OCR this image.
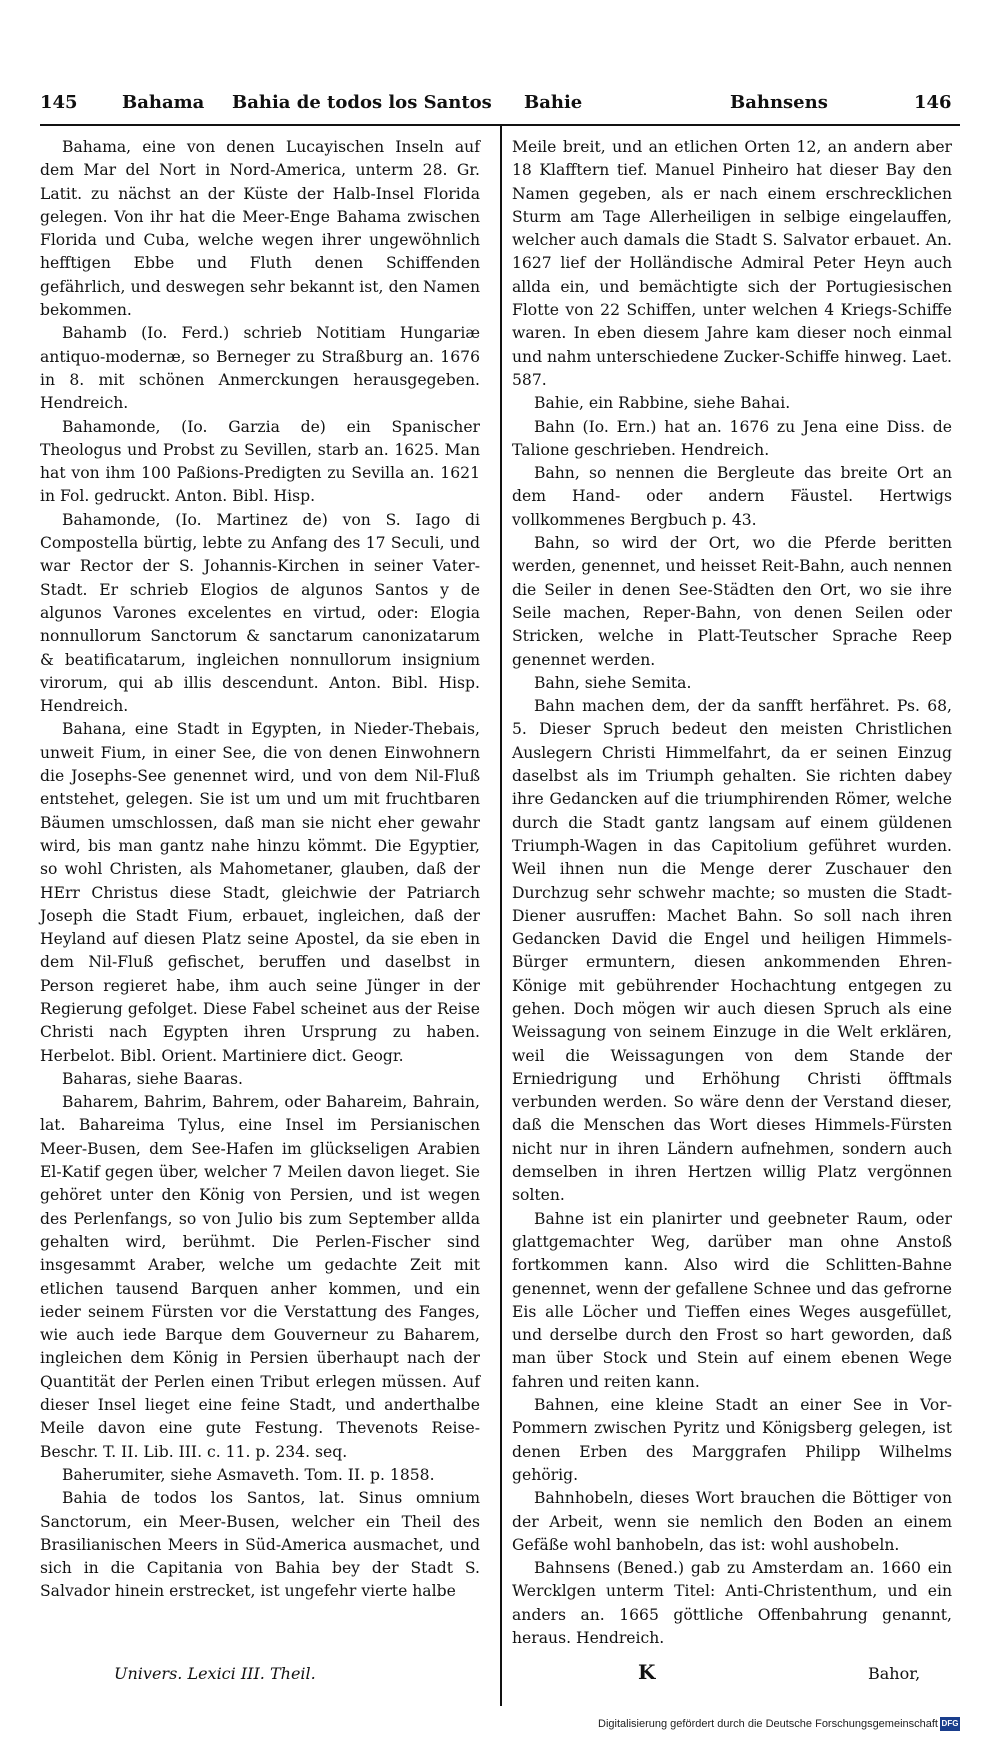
145 Bahama Bahia de todos los Santos Bahie	Bahnsens	146

Bahama, eine von denen Lucayischen Inseln auf dem Mar del Nort in Nord-America, unterm 28. Gr. Latit. zu nächst an der Küste der Halb-Insel Florida gelegen. Von ihr hat die Meer-Enge Bahama zwischen Florida und Cuba, welche wegen ihrer ungewöhnlich hefftigen Ebbe und Fluth denen Schiffenden gefährlich, und deswegen sehr bekannt ist, den Namen bekommen.

Bahamb (Io. Ferd.) schrieb Notitiam Hungariæ antiquo-modernæ, so Berneger zu Straßburg an. 1676 in 8. mit schönen Anmerckungen herausgegeben. Hendreich.

Bahamonde, (Io. Garzia de) ein Spanischer Theologus und Probst zu Sevillen, starb an. 1625. Man hat von ihm 100 Paßions-Predigten zu Sevilla an. 1621 in Fol. gedruckt. Anton. Bibl. Hisp.

Bahamonde, (Io. Martinez de) von S. Iago di Compostella bürtig, lebte zu Anfang des 17 Seculi, und war Rector der S. Johannis-Kirchen in seiner Vater-Stadt. Er schrieb Elogios de algunos Santos y de algunos Varones excelentes en virtud, oder: Elogia nonnullorum Sanctorum & sanctarum canonizatarum & beatificatarum, ingleichen nonnullorum insignium virorum, qui ab illis descendunt. Anton. Bibl. Hisp. Hendreich.

Bahana, eine Stadt in Egypten, in Nieder-Thebais, unweit Fium, in einer See, die von denen Einwohnern die Josephs-See genennet wird, und von dem Nil-Fluß entstehet, gelegen. Sie ist um und um mit fruchtbaren Bäumen umschlossen, daß man sie nicht eher gewahr wird, bis man gantz nahe hinzu kömmt. Die Egyptier, so wohl Christen, als Mahometaner, glauben, daß der HErr Christus diese Stadt, gleichwie der Patriarch Joseph die Stadt Fium, erbauet, ingleichen, daß der Heyland auf diesen Platz seine Apostel, da sie eben in dem Nil-Fluß gefischet, beruffen und daselbst in Person regieret habe, ihm auch seine Jünger in der Regierung gefolget. Diese Fabel scheinet aus der Reise Christi nach Egypten ihren Ursprung zu haben. Herbelot. Bibl. Orient. Martiniere dict. Geogr.

Baharas, siehe Baaras.

Baharem, Bahrim, Bahrem, oder Bahareim, Bahrain, lat. Bahareima Tylus, eine Insel im Persianischen Meer-Busen, dem See-Hafen im glückseligen Arabien El-Katif gegen über, welcher 7 Meilen davon lieget. Sie gehöret unter den König von Persien, und ist wegen des Perlenfangs, so von Julio bis zum September allda gehalten wird, berühmt. Die Perlen-Fischer sind insgesammt Araber, welche um gedachte Zeit mit etlichen tausend Barquen anher kommen, und ein ieder seinem Fürsten vor die Verstattung des Fanges, wie auch iede Barque dem Gouverneur zu Baharem, ingleichen dem König in Persien überhaupt nach der Quantität der Perlen einen Tribut erlegen müssen. Auf dieser Insel lieget eine feine Stadt, und anderthalbe Meile davon eine gute Festung. Thevenots Reise-Beschr. T. II. Lib. III. c. 11. p. 234. seq.

Baherumiter, siehe Asmaveth. Tom. II. p. 1858.

Bahia de todos los Santos, lat. Sinus omnium Sanctorum, ein Meer-Busen, welcher ein Theil des Brasilianischen Meers in Süd-America ausmachet, und sich in die Capitania von Bahia bey der Stadt S. Salvador hinein erstrecket, ist ungefehr vierte halbe

Meile breit, und an etlichen Orten 12, an andern aber 18 Klafftern tief. Manuel Pinheiro hat dieser Bay den Namen gegeben, als er nach einem erschrecklichen Sturm am Tage Allerheiligen in selbige eingelauffen, welcher auch damals die Stadt S. Salvator erbauet. An. 1627 lief der Holländische Admiral Peter Heyn auch allda ein, und bemächtigte sich der Portugiesischen Flotte von 22 Schiffen, unter welchen 4 Kriegs-Schiffe waren. In eben diesem Jahre kam dieser noch einmal und nahm unterschiedene Zucker-Schiffe hinweg. Laet. 587.

Bahie, ein Rabbine, siehe Bahai.

Bahn (Io. Ern.) hat an. 1676 zu Jena eine Diss. de Talione geschrieben. Hendreich.

Bahn, so nennen die Bergleute das breite Ort an dem Hand- oder andern Fäustel. Hertwigs vollkommenes Bergbuch p. 43.

Bahn, so wird der Ort, wo die Pferde beritten werden, genennet, und heisset Reit-Bahn, auch nennen die Seiler in denen See-Städten den Ort, wo sie ihre Seile machen, Reper-Bahn, von denen Seilen oder Stricken, welche in Platt-Teutscher Sprache Reep genennet werden.

Bahn, siehe Semita.

Bahn machen dem, der da sanfft herfähret. Ps. 68, 5. Dieser Spruch bedeut den meisten Christlichen Auslegern Christi Himmelfahrt, da er seinen Einzug daselbst als im Triumph gehalten. Sie richten dabey ihre Gedancken auf die triumphirenden Römer, welche durch die Stadt gantz langsam auf einem güldenen Triumph-Wagen in das Capitolium geführet wurden. Weil ihnen nun die Menge derer Zuschauer den Durchzug sehr schwehr machte; so musten die Stadt-Diener ausruffen: Machet Bahn. So soll nach ihren Gedancken David die Engel und heiligen Himmels-Bürger ermuntern, diesen ankommenden Ehren-Könige mit gebührender Hochachtung entgegen zu gehen. Doch mögen wir auch diesen Spruch als eine Weissagung von seinem Einzuge in die Welt erklären, weil die Weissagungen von dem Stande der Erniedrigung und Erhöhung Christi öfftmals verbunden werden. So wäre denn der Verstand dieser, daß die Menschen das Wort dieses Himmels-Fürsten nicht nur in ihren Ländern aufnehmen, sondern auch demselben in ihren Hertzen willig Platz vergönnen solten.

Bahne ist ein planirter und geebneter Raum, oder glattgemachter Weg, darüber man ohne Anstoß fortkommen kann. Also wird die Schlitten-Bahne genennet, wenn der gefallene Schnee und das gefrorne Eis alle Löcher und Tieffen eines Weges ausgefüllet, und derselbe durch den Frost so hart geworden, daß man über Stock und Stein auf einem ebenen Wege fahren und reiten kann.

Bahnen, eine kleine Stadt an einer See in Vor-Pommern zwischen Pyritz und Königsberg gelegen, ist denen Erben des Marggrafen Philipp Wilhelms gehörig.

Bahnhobeln, dieses Wort brauchen die Böttiger von der Arbeit, wenn sie nemlich den Boden an einem Gefäße wohl banhobeln, das ist: wohl aushobeln.

Bahnsens (Bened.) gab zu Amsterdam an. 1660 ein Wercklgen unterm Titel: Anti-Christenthum, und ein anders an. 1665 göttliche Offenbahrung genannt, heraus. Hendreich.

Univers. Lexici III. Theil.	K	Bahor,
Digitalisierung gefördert durch die Deutsche Forschungsgemeinschaft DFG
